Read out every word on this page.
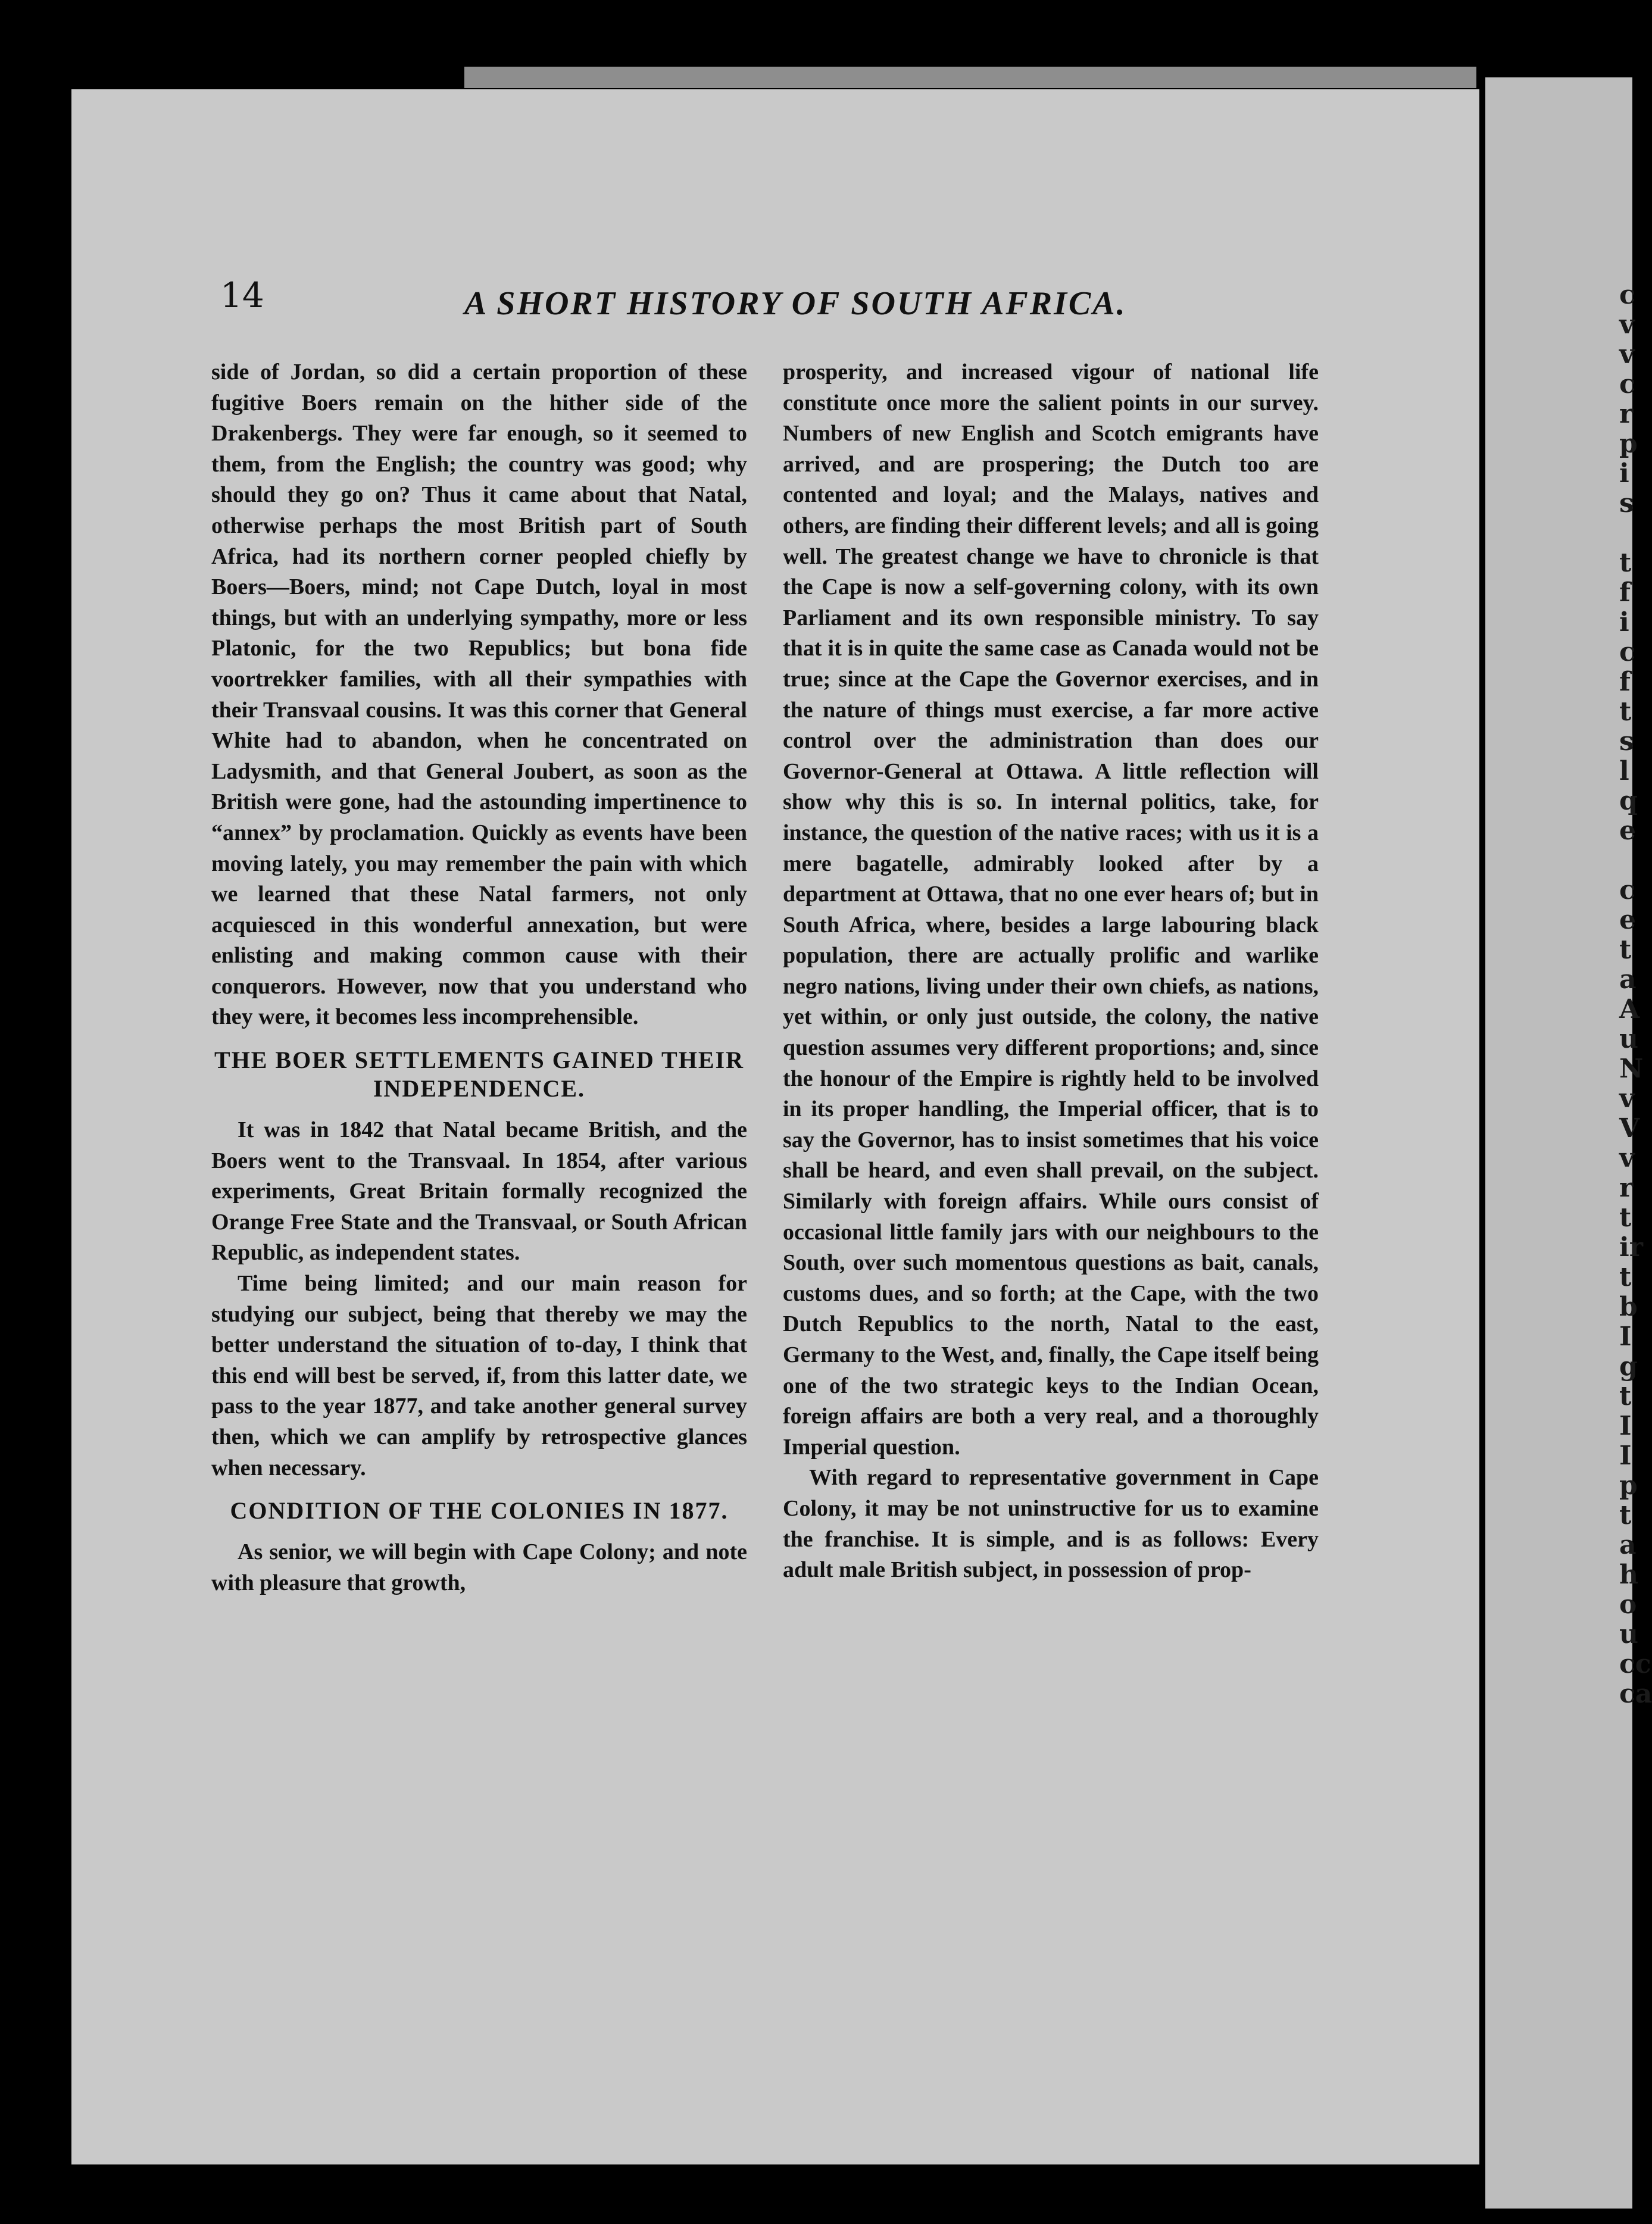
c
v
v
c
r
p
i
s
t
f
i
c
f
t
s
l
q
e
c
e
t
a
A
u
N
v
V
v
r
t
ir
t
b
I
g
t
I
I
p
t
a
h
o
u
cc
ca
14	A SHORT HISTORY OF SOUTH AFRICA.

side of Jordan, so did a certain proportion of these fugitive Boers remain on the hither side of the Drakenbergs. They were far enough, so it seemed to them, from the English; the country was good; why should they go on? Thus it came about that Natal, otherwise perhaps the most British part of South Africa, had its northern corner peopled chiefly by Boers—Boers, mind; not Cape Dutch, loyal in most things, but with an underlying sympathy, more or less Platonic, for the two Republics; but bona fide voortrekker families, with all their sympathies with their Transvaal cousins. It was this corner that General White had to abandon, when he concentrated on Ladysmith, and that General Joubert, as soon as the British were gone, had the astounding impertinence to “annex” by proclamation. Quickly as events have been moving lately, you may remember the pain with which we learned that these Natal farmers, not only acquiesced in this wonderful annexation, but were enlisting and making common cause with their conquerors. However, now that you understand who they were, it becomes less incomprehensible.

THE BOER SETTLEMENTS GAINED THEIR INDEPENDENCE.

It was in 1842 that Natal became British, and the Boers went to the Transvaal. In 1854, after various experiments, Great Britain formally recognized the Orange Free State and the Transvaal, or South African Republic, as independent states.

Time being limited; and our main reason for studying our subject, being that thereby we may the better understand the situation of to-day, I think that this end will best be served, if, from this latter date, we pass to the year 1877, and take another general survey then, which we can amplify by retrospective glances when necessary.

CONDITION OF THE COLONIES IN 1877.

As senior, we will begin with Cape Colony; and note with pleasure that growth,

prosperity, and increased vigour of national life constitute once more the salient points in our survey. Numbers of new English and Scotch emigrants have arrived, and are prospering; the Dutch too are contented and loyal; and the Malays, natives and others, are finding their different levels; and all is going well. The greatest change we have to chronicle is that the Cape is now a self-governing colony, with its own Parliament and its own responsible ministry. To say that it is in quite the same case as Canada would not be true; since at the Cape the Governor exercises, and in the nature of things must exercise, a far more active control over the administration than does our Governor-General at Ottawa. A little reflection will show why this is so. In internal politics, take, for instance, the question of the native races; with us it is a mere bagatelle, admirably looked after by a department at Ottawa, that no one ever hears of; but in South Africa, where, besides a large labouring black population, there are actually prolific and warlike negro nations, living under their own chiefs, as nations, yet within, or only just outside, the colony, the native question assumes very different proportions; and, since the honour of the Empire is rightly held to be involved in its proper handling, the Imperial officer, that is to say the Governor, has to insist sometimes that his voice shall be heard, and even shall prevail, on the subject. Similarly with foreign affairs. While ours consist of occasional little family jars with our neighbours to the South, over such momentous questions as bait, canals, customs dues, and so forth; at the Cape, with the two Dutch Republics to the north, Natal to the east, Germany to the West, and, finally, the Cape itself being one of the two strategic keys to the Indian Ocean, foreign affairs are both a very real, and a thoroughly Imperial question.

With regard to representative government in Cape Colony, it may be not uninstructive for us to examine the franchise. It is simple, and is as follows: Every adult male British subject, in possession of prop-
